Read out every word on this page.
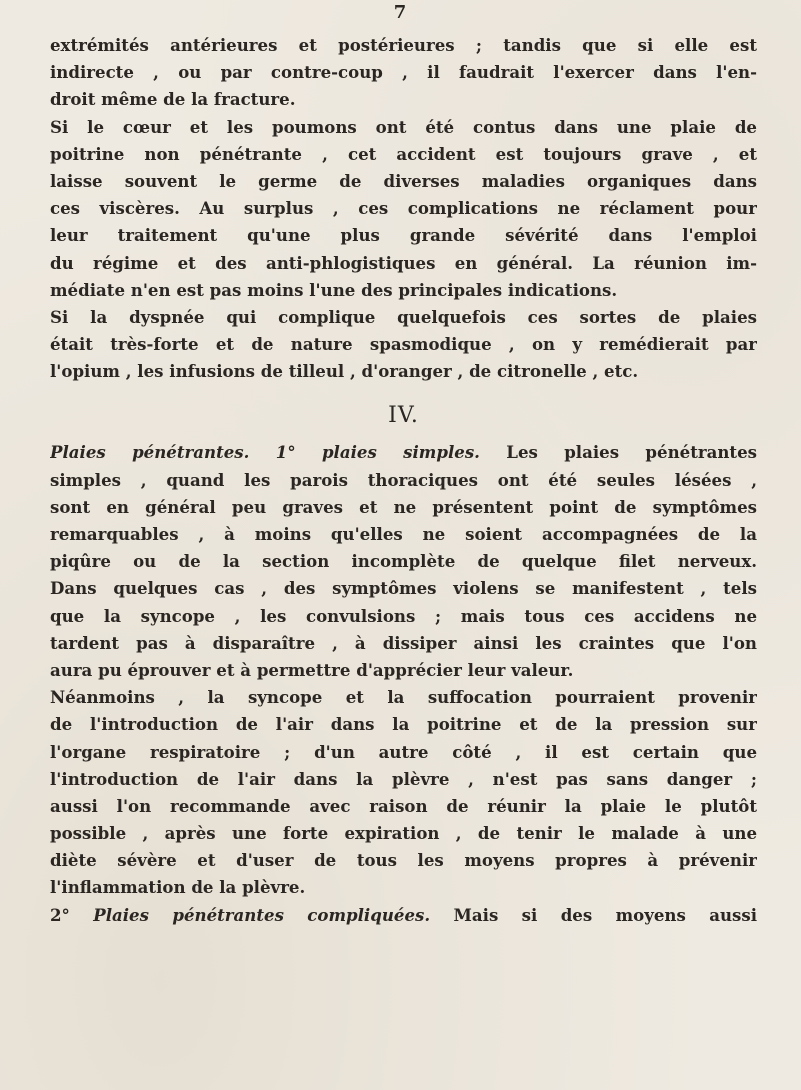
7
extrémités antérieures et postérieures ; tandis que si elle est
indirecte , ou par contre-coup , il faudrait l'exercer dans l'en-
droit même de la fracture.
Si le cœur et les poumons ont été contus dans une plaie de
poitrine non pénétrante , cet accident est toujours grave , et
laisse souvent le germe de diverses maladies organiques dans
ces viscères. Au surplus , ces complications ne réclament pour
leur traitement qu'une plus grande sévérité dans l'emploi
du régime et des anti-phlogistiques en général. La réunion im-
médiate n'en est pas moins l'une des principales indications.
Si la dyspnée qui complique quelquefois ces sortes de plaies
était très-forte et de nature spasmodique , on y remédierait par
l'opium , les infusions de tilleul , d'oranger , de citronelle , etc.
IV.
Plaies pénétrantes. 1° plaies simples. Les plaies pénétrantes
simples , quand les parois thoraciques ont été seules lésées ,
sont en général peu graves et ne présentent point de symptômes
remarquables , à moins qu'elles ne soient accompagnées de la
piqûre ou de la section incomplète de quelque filet nerveux.
Dans quelques cas , des symptômes violens se manifestent , tels
que la syncope , les convulsions ; mais tous ces accidens ne
tardent pas à disparaître , à dissiper ainsi les craintes que l'on
aura pu éprouver et à permettre d'apprécier leur valeur.
Néanmoins , la syncope et la suffocation pourraient provenir
de l'introduction de l'air dans la poitrine et de la pression sur
l'organe respiratoire ; d'un autre côté , il est certain que
l'introduction de l'air dans la plèvre , n'est pas sans danger ;
aussi l'on recommande avec raison de réunir la plaie le plutôt
possible , après une forte expiration , de tenir le malade à une
diète sévère et d'user de tous les moyens propres à prévenir
l'inflammation de la plèvre.
2° Plaies pénétrantes compliquées. Mais si des moyens aussi
